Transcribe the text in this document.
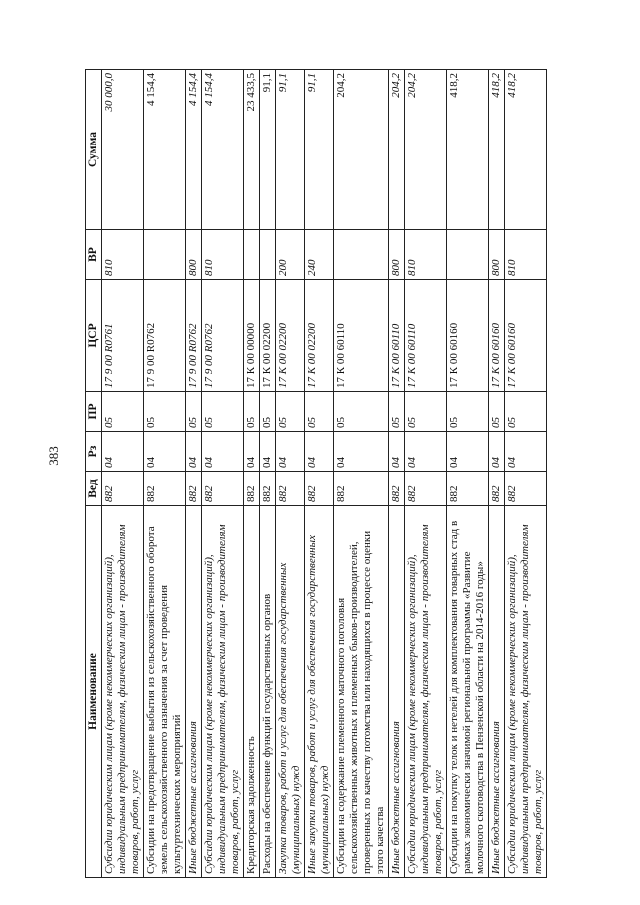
383
Наименование	Вед	Рз	ПР	ЦСР	ВР	Сумма
Субсидии юридическим лицам (кроме некоммерческих организаций), индивидуальным предпринимателям, физическим лицам - производителям товаров, работ, услуг	882	04	05	17 9 00 R0761	810	30 000,0
Субсидии на предотвращение выбытия из сельскохозяйственного оборота земель сельскохозяйственного назначения за счет проведения культуртехнических мероприятий	882	04	05	17 9 00 R0762		4 154,4
Иные бюджетные ассигнования	882	04	05	17 9 00 R0762	800	4 154,4
Субсидии юридическим лицам (кроме некоммерческих организаций), индивидуальным предпринимателям, физическим лицам - производителям товаров, работ, услуг	882	04	05	17 9 00 R0762	810	4 154,4
Кредиторская задолженность	882	04	05	17 К 00 00000		23 433,5
Расходы на обеспечение функций государственных органов	882	04	05	17 К 00 02200		91,1
Закупка товаров, работ и услуг для обеспечения государственных (муниципальных) нужд	882	04	05	17 К 00 02200	200	91,1
Иные закупки товаров, работ и услуг для обеспечения государственных (муниципальных) нужд	882	04	05	17 К 00 02200	240	91,1
Субсидии на содержание племенного маточного поголовья сельскохозяйственных животных и племенных быков-производителей, проверенных по качеству потомства или находящихся в процессе оценки этого качества	882	04	05	17 К 00 60110		204,2
Иные бюджетные ассигнования	882	04	05	17 К 00 60110	800	204,2
Субсидии юридическим лицам (кроме некоммерческих организаций), индивидуальным предпринимателям, физическим лицам - производителям товаров, работ, услуг	882	04	05	17 К 00 60110	810	204,2
Субсидии на покупку телок и нетелей для комплектования товарных стад в рамках экономически значимой региональной программы «Развитие молочного скотоводства в Пензенской области на 2014-2016 годы»	882	04	05	17 К 00 60160		418,2
Иные бюджетные ассигнования	882	04	05	17 К 00 60160	800	418,2
Субсидии юридическим лицам (кроме некоммерческих организаций), индивидуальным предпринимателям, физическим лицам - производителям товаров, работ, услуг	882	04	05	17 К 00 60160	810	418,2
